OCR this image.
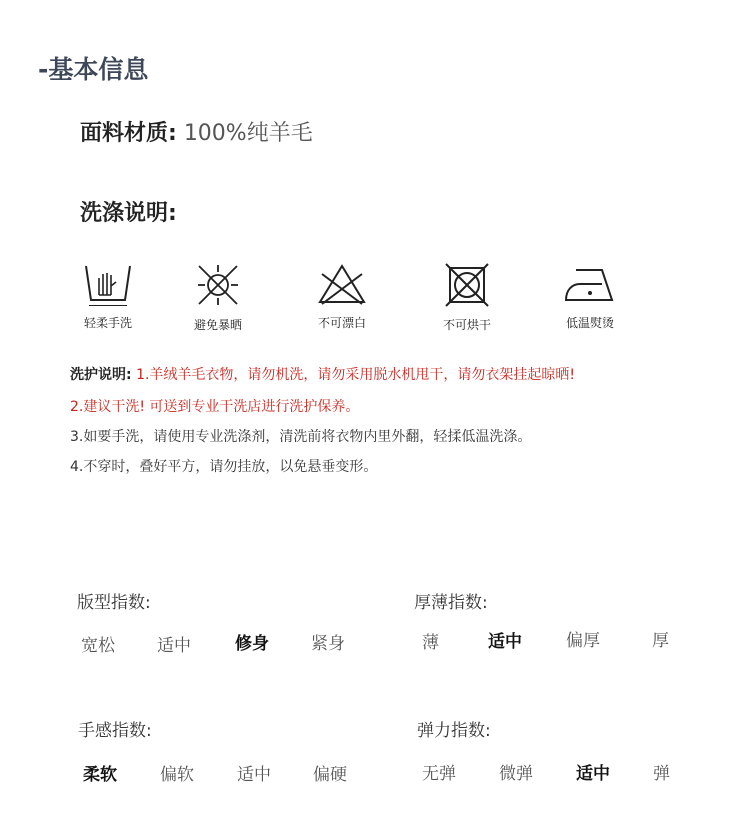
-基本信息
面料材质: 100%纯羊毛
洗涤说明:
轻柔手洗	避免暴晒	不可漂白	不可烘干	低温熨烫
洗护说明: 1.羊绒羊毛衣物，请勿机洗，请勿采用脱水机甩干，请勿衣架挂起晾晒!
2.建议干洗! 可送到专业干洗店进行洗护保养。
3.如要手洗，请使用专业洗涤剂，清洗前将衣物内里外翻，轻揉低温洗涤。
4.不穿时，叠好平方，请勿挂放，以免悬垂变形。
版型指数:
宽松 适中	修身 紧身
厚薄指数:
薄	适中	偏厚	厚
手感指数:
柔软	偏软	适中 偏硬
弹力指数:
无弹	微弹	适中	弹
